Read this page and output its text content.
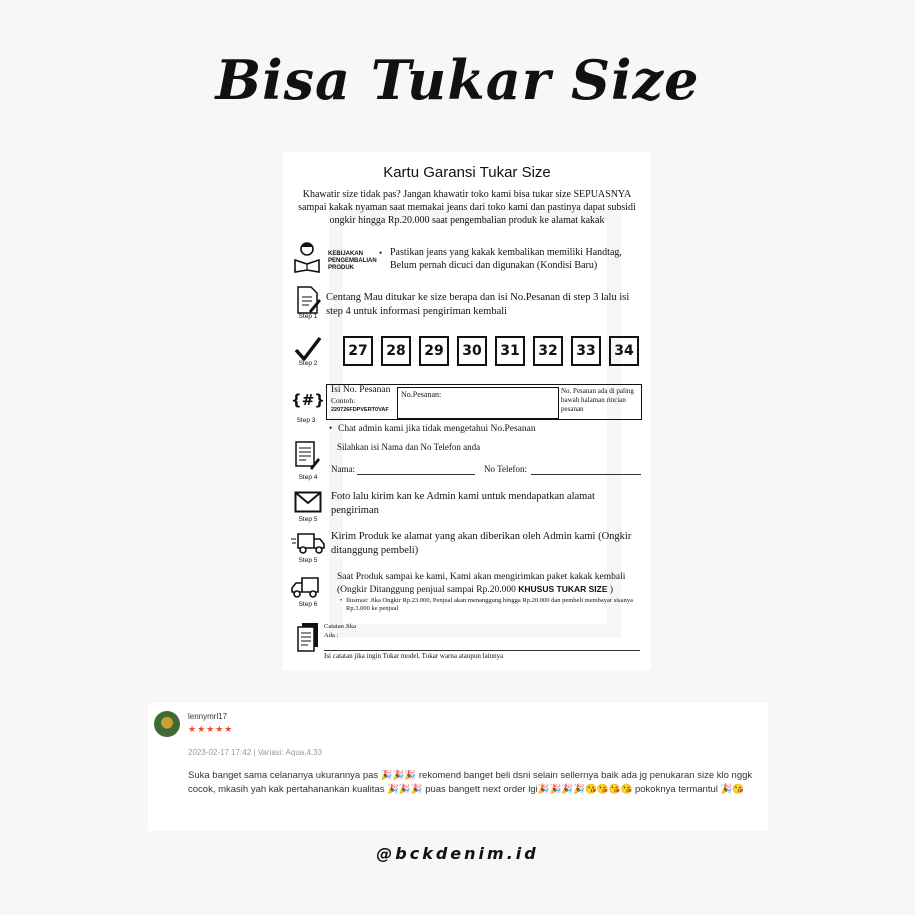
Bisa Tukar Size
Kartu Garansi Tukar Size
Khawatir size tidak pas? Jangan khawatir toko kami bisa tukar size SEPUASNYA sampai kakak nyaman saat memakai jeans dari toko kami dan pastinya dapat subsidi ongkir hingga Rp.20.000 saat pengembalian produk ke alamat kakak
KEBIJAKAN PENGEMBALIAN PRODUK
• Pastikan jeans yang kakak kembalikan memiliki Handtag, Belum pernah dicuci dan digunakan (Kondisi Baru)
Step 1
Centang Mau ditukar ke size berapa dan isi No.Pesanan di step 3 lalu isi step 4 untuk informasi pengiriman kembali
Step 2
27	28	29	30	31	32	33	34
{#}
Step 3
Isi No. Pesanan
Contoh:
220726FDPVERT0VAF
No.Pesanan:	No. Pesanan ada di paling bawah halaman rincian pesanan
• Chat admin kami jika tidak mengetahui No.Pesanan
Step 4
Silahkan isi Nama dan No Telefon anda
Nama:	No Telefon:
Step 5
Foto lalu kirim kan ke Admin kami untuk mendapatkan alamat pengiriman
Step 5
Kirim Produk ke alamat yang akan diberikan oleh Admin kami (Ongkir ditanggung pembeli)
Step 6
Saat Produk sampai ke kami, Kami akan mengirimkan paket kakak kembali (Ongkir Ditanggung penjual sampai Rp.20.000 KHUSUS TUKAR SIZE )
• Ilustrasi: Jika Ongkir Rp.23.000, Penjual akan menanggung hingga Rp.20.000 dan pembeli membayar sisanya Rp.3.000 ke penjual
Catatan Jika Ada :
Isi catatan jika ingin Tukar model, Tukar warna ataupun lainnya
lennymrl17
★★★★★
2023-02-17 17:42 | Variasi: Aqua,4,33
Suka banget sama celananya ukurannya pas 🎉🎉🎉 rekomend banget beli dsni selain sellernya baik ada jg penukaran size klo nggk cocok, mkasih yah kak pertahanankan kualitas 🎉🎉🎉 puas bangett next order lgi🎉🎉🎉🎉😘😘😘😘 pokoknya termantul 🎉😘
@bckdenim.id
